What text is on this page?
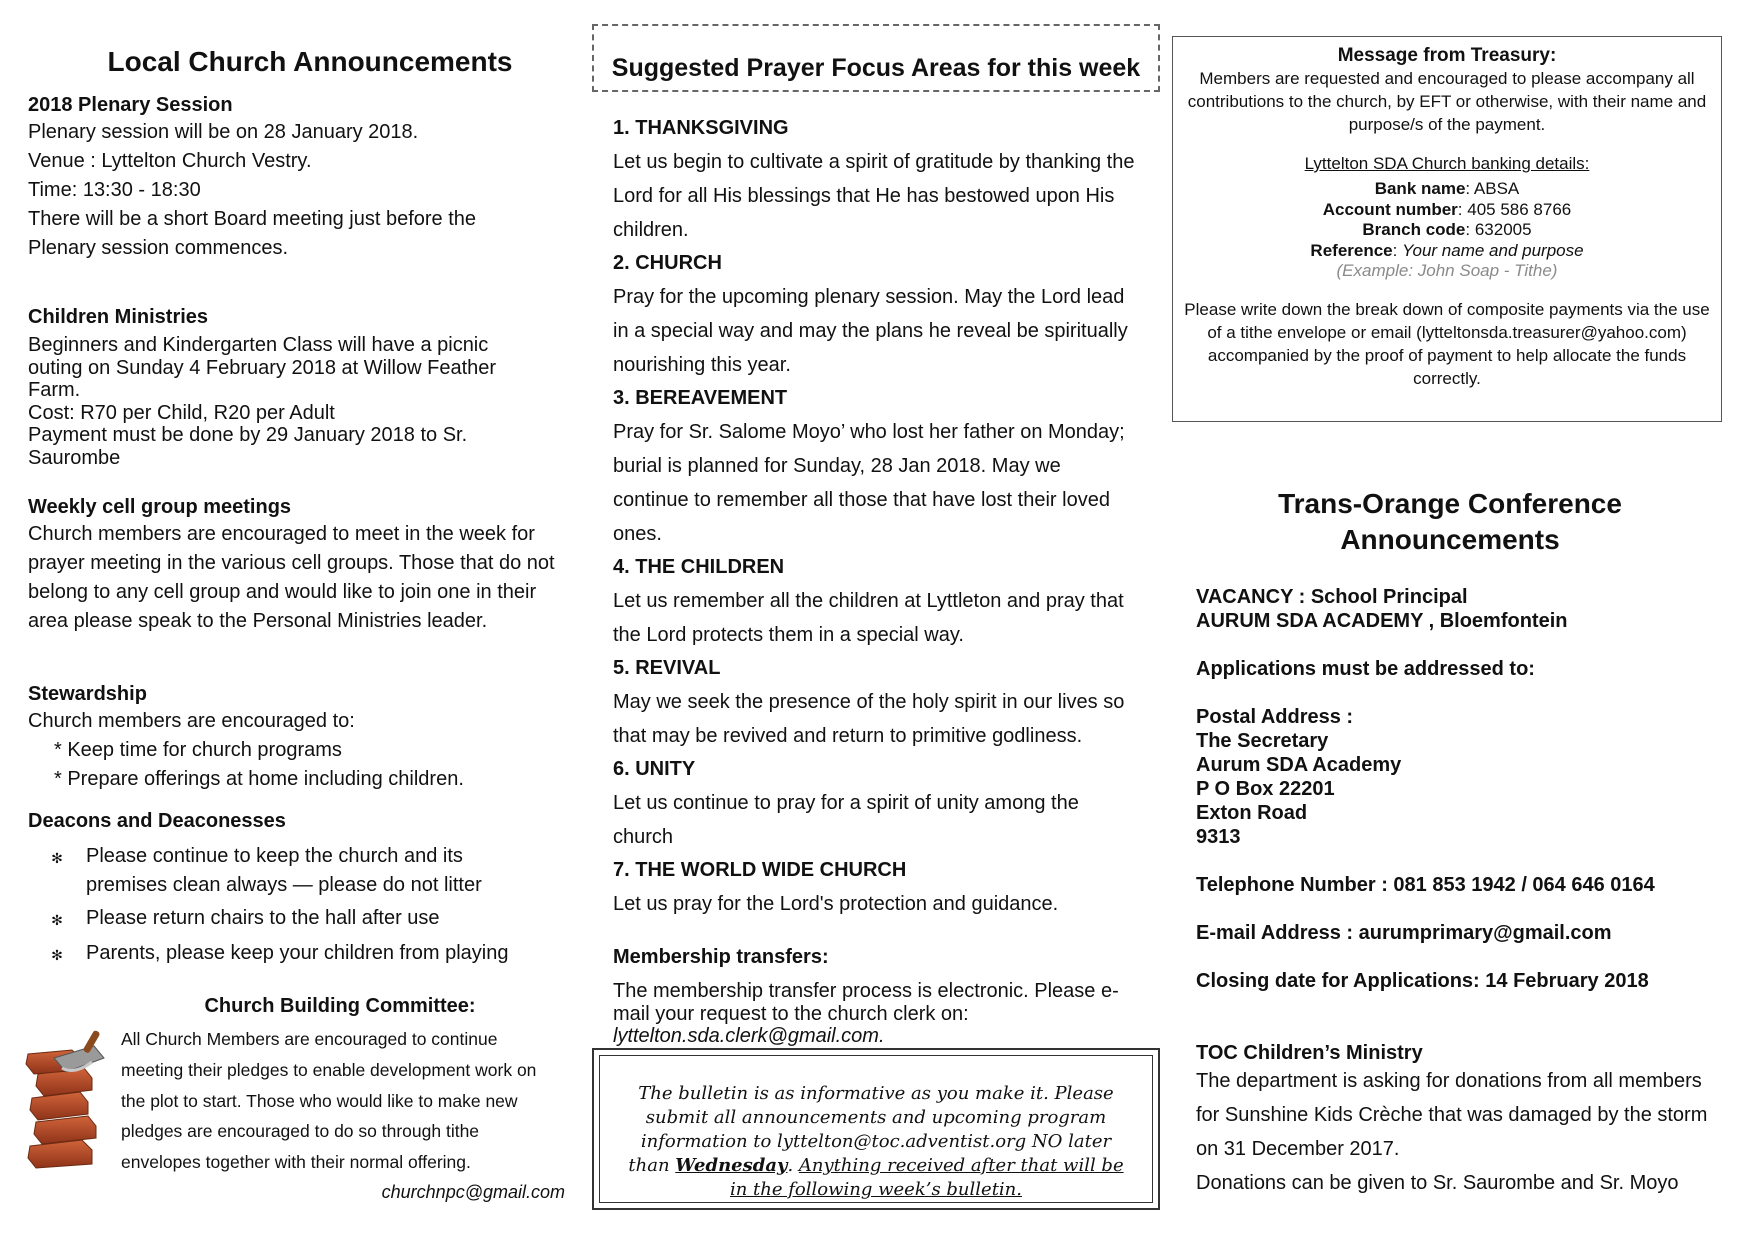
Local Church Announcements
2018 Plenary Session
Plenary session will be on 28 January 2018.
Venue : Lyttelton Church Vestry.
Time: 13:30 - 18:30
There will be a short Board meeting just before the
Plenary session commences.
Children Ministries
Beginners and Kindergarten Class will have a picnic outing on Sunday 4 February 2018 at Willow Feather Farm.
Cost: R70 per Child, R20 per Adult
Payment must be done by 29 January 2018 to Sr. Saurombe
Weekly cell group meetings
Church members are encouraged to meet in the week for prayer meeting in the various cell groups. Those that do not belong to any cell group and would like to join one in their area please speak to the Personal Ministries leader.
Stewardship
Church members are encouraged to:
* Keep time for church programs
* Prepare offerings at home including children.
Deacons and Deaconesses
✻	Please continue to keep the church and its premises clean always — please do not litter
✻	Please return chairs to the hall after use
✻	Parents, please keep your children from playing
Church Building Committee:
All Church Members are encouraged to continue meeting their pledges to enable development work on the plot to start. Those who would like to make new pledges are encouraged to do so through tithe envelopes together with their normal offering.
churchnpc@gmail.com
Suggested Prayer Focus Areas for this week
1. THANKSGIVING
Let us begin to cultivate a spirit of gratitude by thanking the Lord for all His blessings that He has bestowed upon His children.
2. CHURCH
Pray for the upcoming plenary session. May the Lord lead in a special way and may the plans he reveal be spiritually nourishing this year.
3. BEREAVEMENT
Pray for Sr. Salome Moyo’ who lost her father on Monday; burial is planned for Sunday, 28 Jan 2018. May we continue to remember all those that have lost their loved ones.
4. THE CHILDREN
Let us remember all the children at Lyttleton and pray that the Lord protects them in a special way.
5. REVIVAL
May we seek the presence of the holy spirit in our lives so that may be revived and return to primitive godliness.
6. UNITY
Let us continue to pray for a spirit of unity among the church
7. THE WORLD WIDE CHURCH
Let us pray for the Lord's protection and guidance.
Membership transfers:
The membership transfer process is electronic. Please e-mail your request to the church clerk on:
lyttelton.sda.clerk@gmail.com.
The bulletin is as informative as you make it. Please submit all announcements and upcoming program information to lyttelton@toc.adventist.org NO later than Wednesday. Anything received after that will be in the following week’s bulletin.
Message from Treasury:
Members are requested and encouraged to please accompany all contributions to the church, by EFT or otherwise, with their name and purpose/s of the payment.
Lyttelton SDA Church banking details:
Bank name: ABSA
Account number: 405 586 8766
Branch code: 632005
Reference: Your name and purpose
(Example: John Soap - Tithe)
Please write down the break down of composite payments via the use of a tithe envelope or email (lytteltonsda.treasurer@yahoo.com) accompanied by the proof of payment to help allocate the funds correctly.
Trans-Orange Conference
Announcements
VACANCY : School Principal
AURUM SDA ACADEMY , Bloemfontein
Applications must be addressed to:
Postal Address :
The Secretary
Aurum SDA Academy
P O Box 22201
Exton Road
9313
Telephone Number : 081 853 1942 / 064 646 0164
E-mail Address : aurumprimary@gmail.com
Closing date for Applications: 14 February 2018
TOC Children’s Ministry
The department is asking for donations from all members for Sunshine Kids Crèche that was damaged by the storm on 31 December 2017.
Donations can be given to Sr. Saurombe and Sr. Moyo
